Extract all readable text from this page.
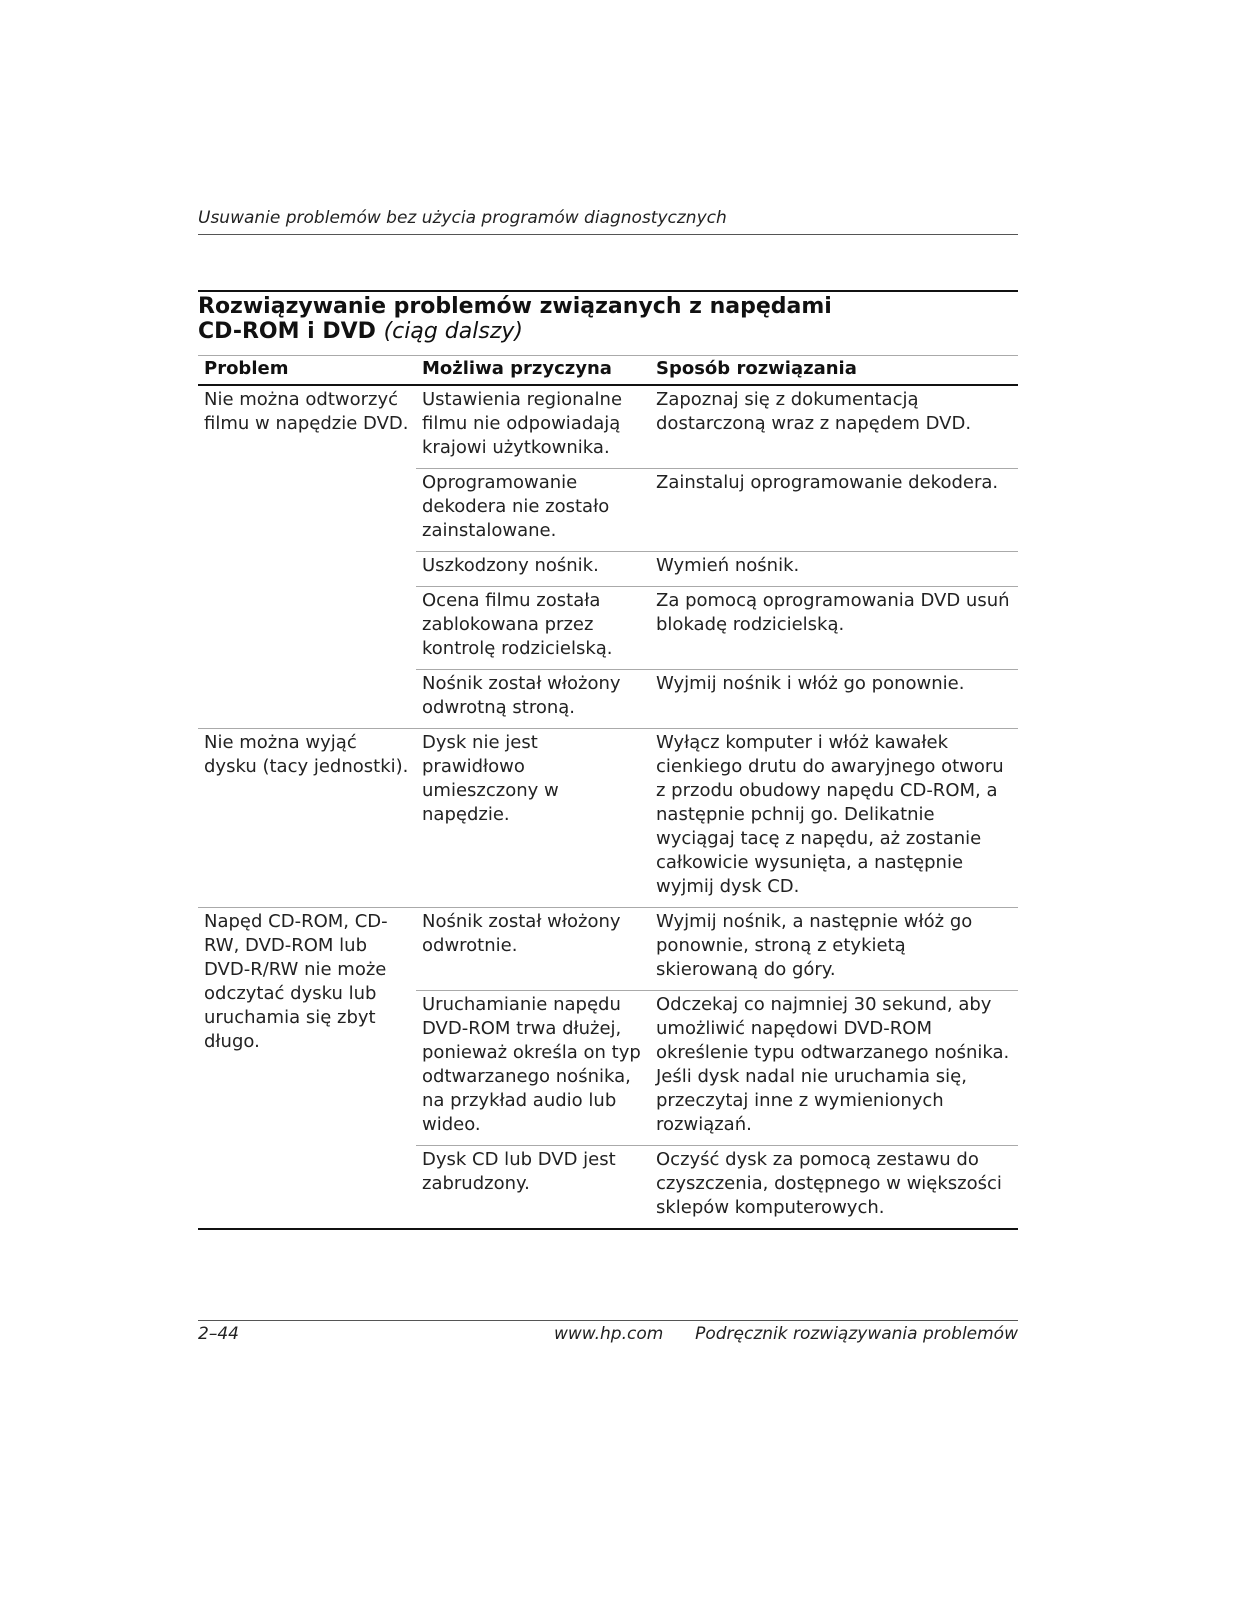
Usuwanie problemów bez użycia programów diagnostycznych
Rozwiązywanie problemów związanych z napędami
CD-ROM i DVD (ciąg dalszy)
Problem	Możliwa przyczyna	Sposób rozwiązania
Nie można odtworzyć filmu w napędzie DVD.	Ustawienia regionalne filmu nie odpowiadają krajowi użytkownika.	Zapoznaj się z dokumentacją dostarczoną wraz z napędem DVD.
	Oprogramowanie dekodera nie zostało zainstalowane.	Zainstaluj oprogramowanie dekodera.
	Uszkodzony nośnik.	Wymień nośnik.
	Ocena filmu została zablokowana przez kontrolę rodzicielską.	Za pomocą oprogramowania DVD usuń blokadę rodzicielską.
	Nośnik został włożony odwrotną stroną.	Wyjmij nośnik i włóż go ponownie.
Nie można wyjąć dysku (tacy jednostki).	Dysk nie jest prawidłowo umieszczony w napędzie.	Wyłącz komputer i włóż kawałek cienkiego drutu do awaryjnego otworu z przodu obudowy napędu CD-ROM, a następnie pchnij go. Delikatnie wyciągaj tacę z napędu, aż zostanie całkowicie wysunięta, a następnie wyjmij dysk CD.
Napęd CD-ROM, CD-RW, DVD-ROM lub DVD-R/RW nie może odczytać dysku lub uruchamia się zbyt długo.	Nośnik został włożony odwrotnie.	Wyjmij nośnik, a następnie włóż go ponownie, stroną z etykietą skierowaną do góry.
	Uruchamianie napędu DVD-ROM trwa dłużej, ponieważ określa on typ odtwarzanego nośnika, na przykład audio lub wideo.	Odczekaj co najmniej 30 sekund, aby umożliwić napędowi DVD-ROM określenie typu odtwarzanego nośnika. Jeśli dysk nadal nie uruchamia się, przeczytaj inne z wymienionych rozwiązań.
	Dysk CD lub DVD jest zabrudzony.	Oczyść dysk za pomocą zestawu do czyszczenia, dostępnego w większości sklepów komputerowych.
2–44	www.hp.com Podręcznik rozwiązywania problemów
